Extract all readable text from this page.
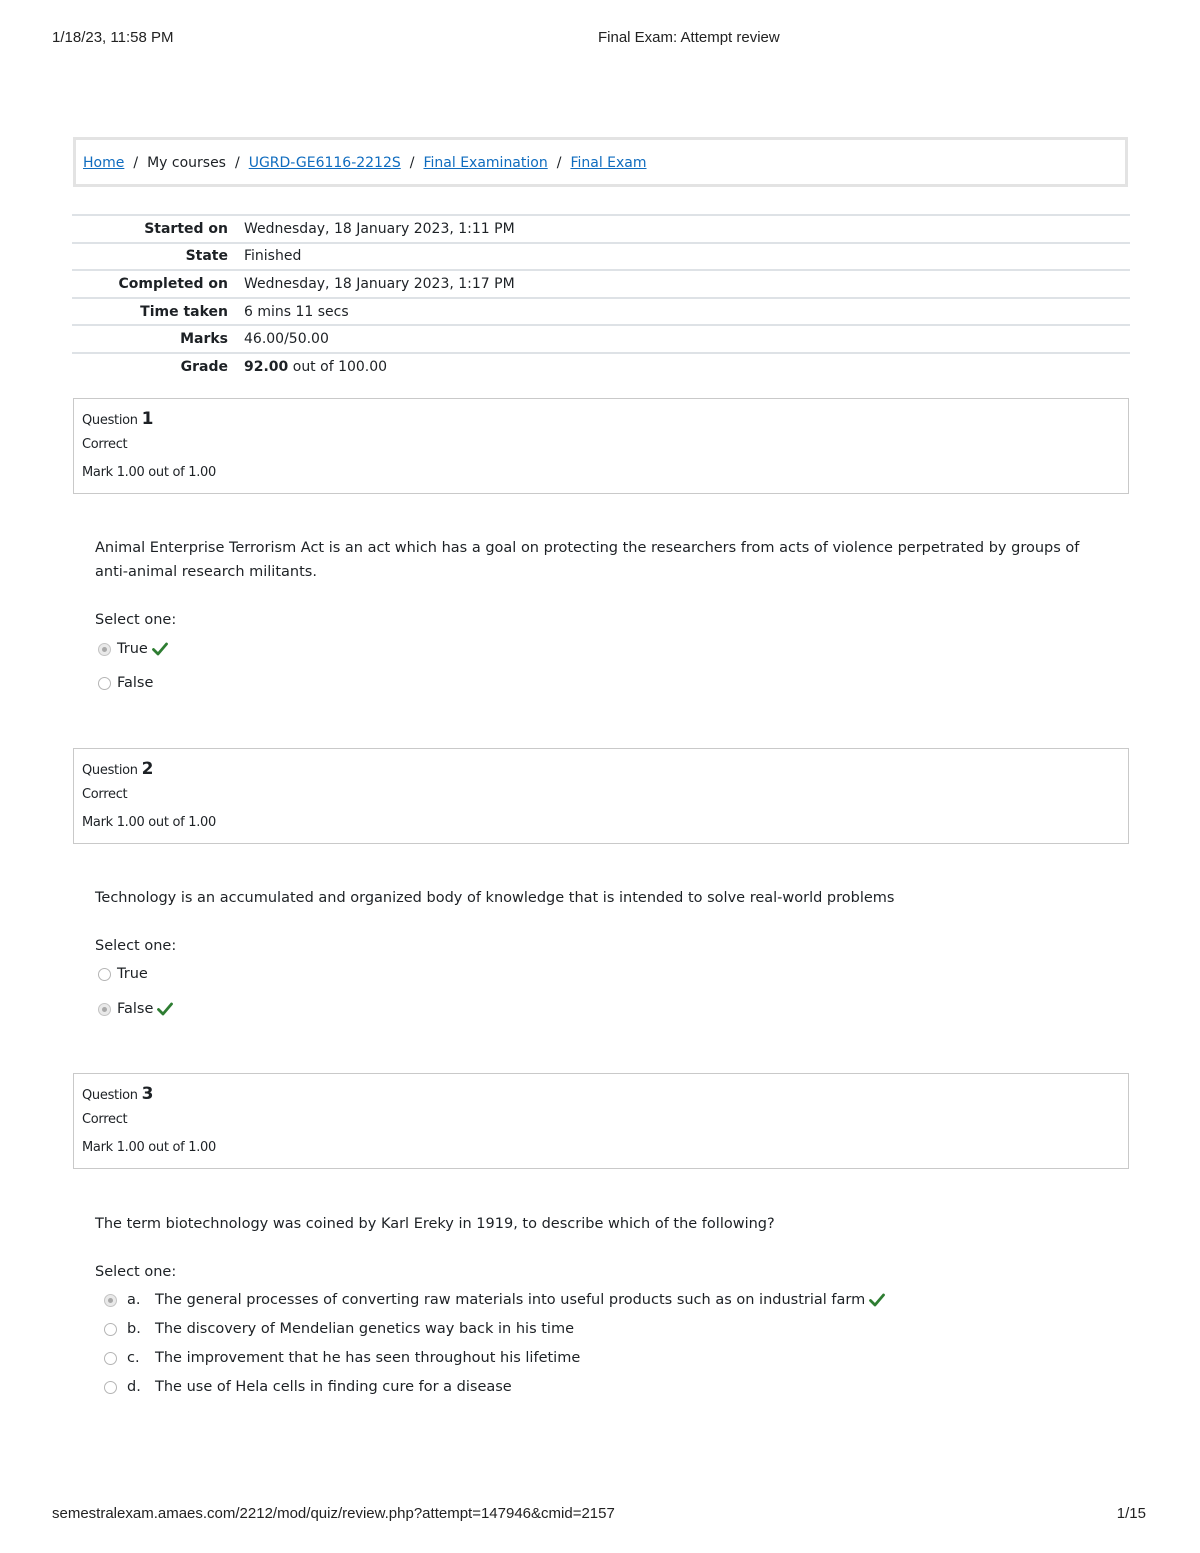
1/18/23, 11:58 PM	Final Exam: Attempt review
Home / My courses / UGRD-GE6116-2212S / Final Examination / Final Exam
Started on	Wednesday, 18 January 2023, 1:11 PM
State	Finished
Completed on	Wednesday, 18 January 2023, 1:17 PM
Time taken	6 mins 11 secs
Marks	46.00/50.00
Grade	92.00 out of 100.00
Question 1
Correct
Mark 1.00 out of 1.00
Animal Enterprise Terrorism Act is an act which has a goal on protecting the researchers from acts of violence perpetrated by groups of anti-animal research militants.
Select one:
True
False
Question 2
Correct
Mark 1.00 out of 1.00
Technology is an accumulated and organized body of knowledge that is intended to solve real-world problems
Select one:
True
False
Question 3
Correct
Mark 1.00 out of 1.00
The term biotechnology was coined by Karl Ereky in 1919, to describe which of the following?
Select one:
a.	The general processes of converting raw materials into useful products such as on industrial farm
b. The discovery of Mendelian genetics way back in his time
c.	The improvement that he has seen throughout his lifetime
d. The use of Hela cells in finding cure for a disease
semestralexam.amaes.com/2212/mod/quiz/review.php?attempt=147946&cmid=2157	1/15
